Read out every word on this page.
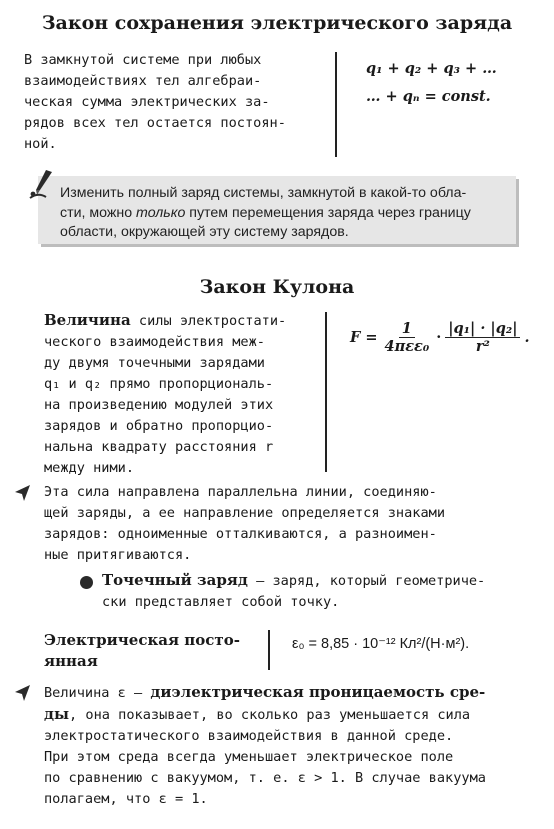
Закон сохранения электрического заряда
В замкнутой системе при любых
взаимодействиях тел алгебраи-
ческая сумма электрических за-
рядов всех тел остается постоян-
ной.
q₁ + q₂ + q₃ + …
… + qₙ = const.
Изменить полный заряд системы, замкнутой в какой-то обла-
сти, можно только путем перемещения заряда через границу
области, окружающей эту систему зарядов.
Закон Кулона
Величина силы электростати-
ческого взаимодействия меж-
ду двумя точечными зарядами
q₁ и q₂ прямо пропорциональ-
на произведению модулей этих
зарядов и обратно пропорцио-
нальна квадрату расстояния r
между ними.
$F = \frac{1}{\text{4πεε₀}} \cdot \frac{\text{|q₁| · |q₂|}}{\text{r²}}$ .
Эта сила направлена параллельна линии, соединяю-
щей заряды, а ее направление определяется знаками
зарядов: одноименные отталкиваются, а разноимен-
ные притягиваются.
Точечный заряд — заряд, который геометриче-
ски представляет собой точку.
Электрическая посто-
янная
ε₀ = 8,85 · 10⁻¹² Кл²/(Н·м²).
Величина ε — диэлектрическая проницаемость сре-
ды, она показывает, во сколько раз уменьшается сила
электростатического взаимодействия в данной среде.
При этом среда всегда уменьшает электрическое поле
по сравнению с вакуумом, т. е. ε > 1. В случае вакуума
полагаем, что ε = 1.
